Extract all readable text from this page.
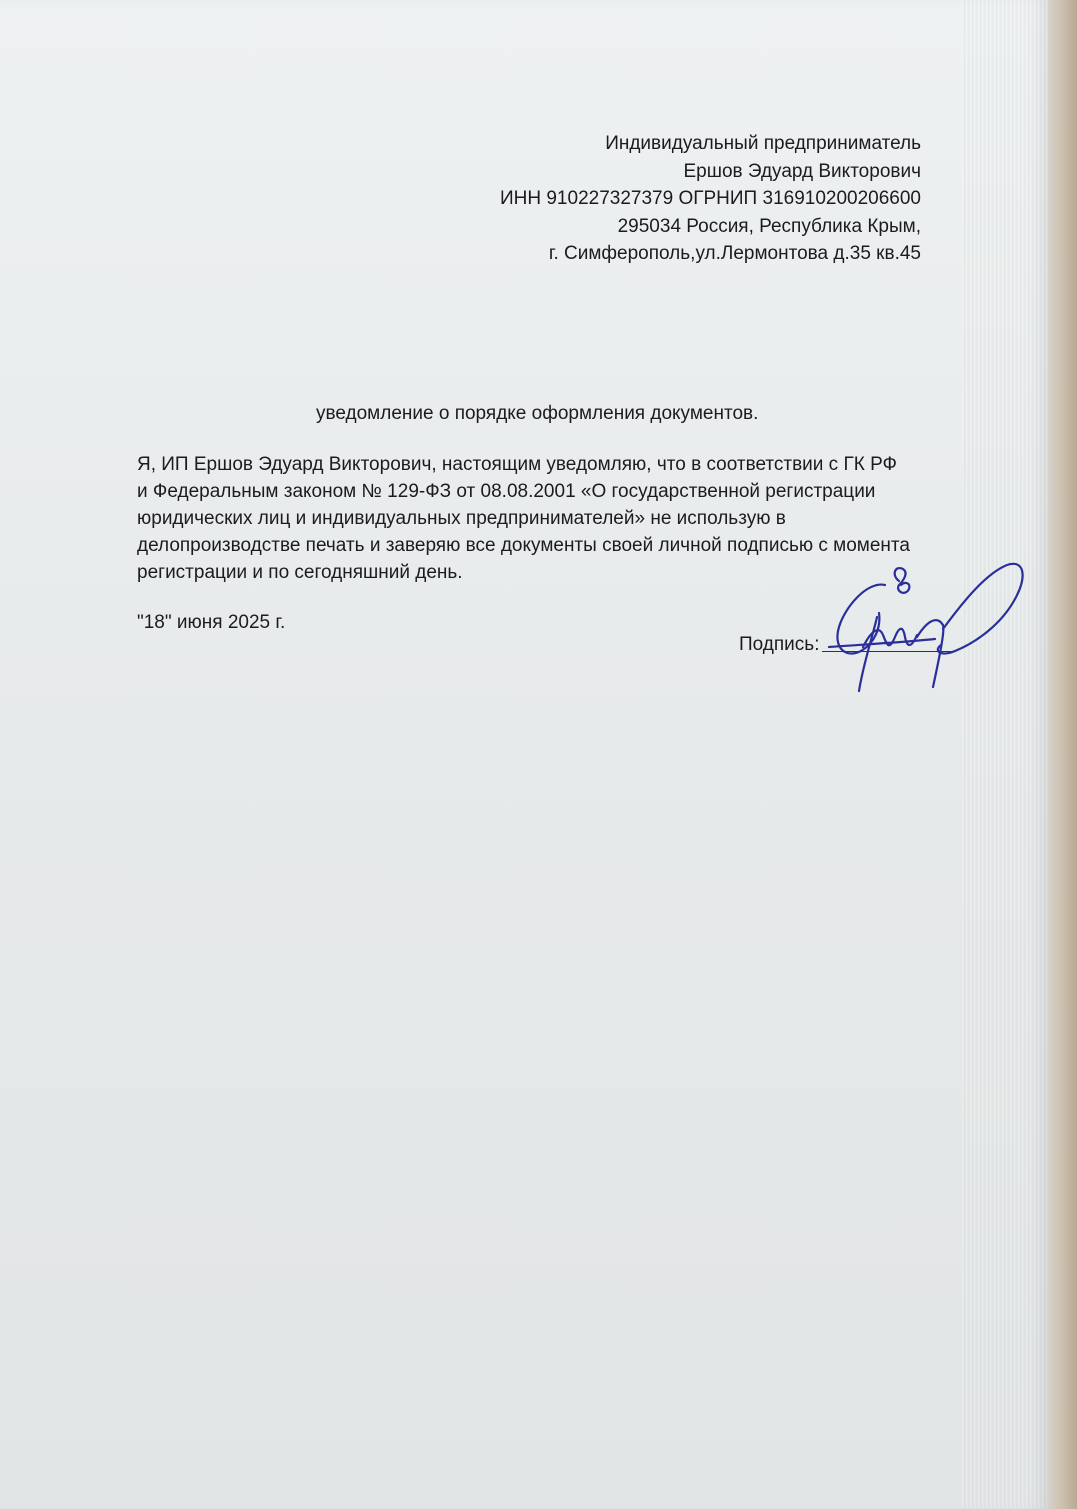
Индивидуальный предприниматель
Ершов Эдуард Викторович
ИНН 910227327379 ОГРНИП 316910200206600
295034 Россия, Республика Крым,
г. Симферополь,ул.Лермонтова д.35 кв.45
уведомление о порядке оформления документов.
Я, ИП Ершов Эдуард Викторович, настоящим уведомляю, что в соответствии с ГК РФ
и Федеральным законом № 129-ФЗ от 08.08.2001 «О государственной регистрации
юридических лиц и индивидуальных предпринимателей» не использую в
делопроизводстве печать и заверяю все документы своей личной подписью с момента
регистрации и по сегодняшний день.
"18" июня 2025 г.
Подпись:
